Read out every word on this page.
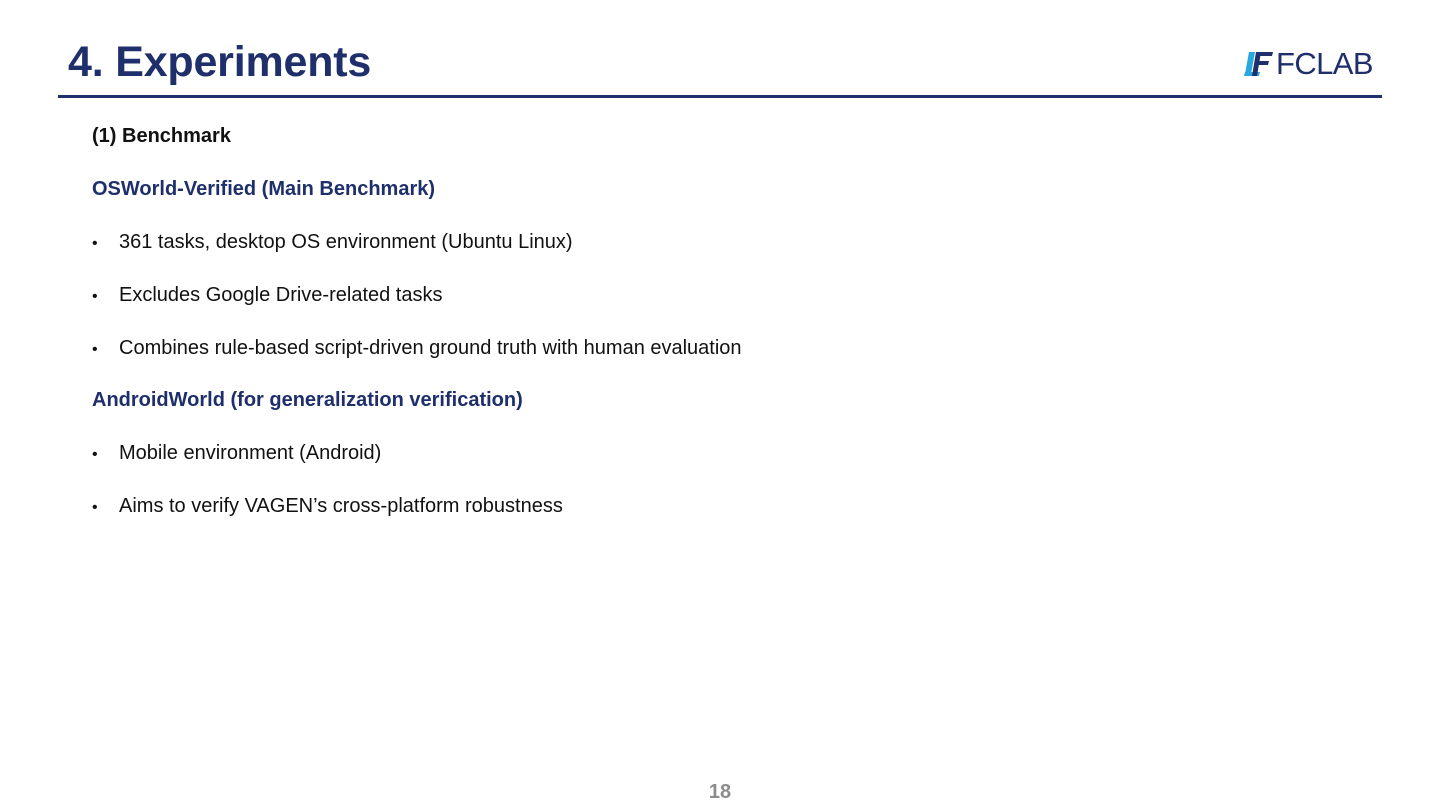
4. Experiments	FCLAB
(1) Benchmark
OSWorld-Verified (Main Benchmark)
•	361 tasks, desktop OS environment (Ubuntu Linux)
•	Excludes Google Drive-related tasks
•	Combines rule-based script-driven ground truth with human evaluation
AndroidWorld (for generalization verification)
•	Mobile environment (Android)
•	Aims to verify VAGEN’s cross-platform robustness
18
